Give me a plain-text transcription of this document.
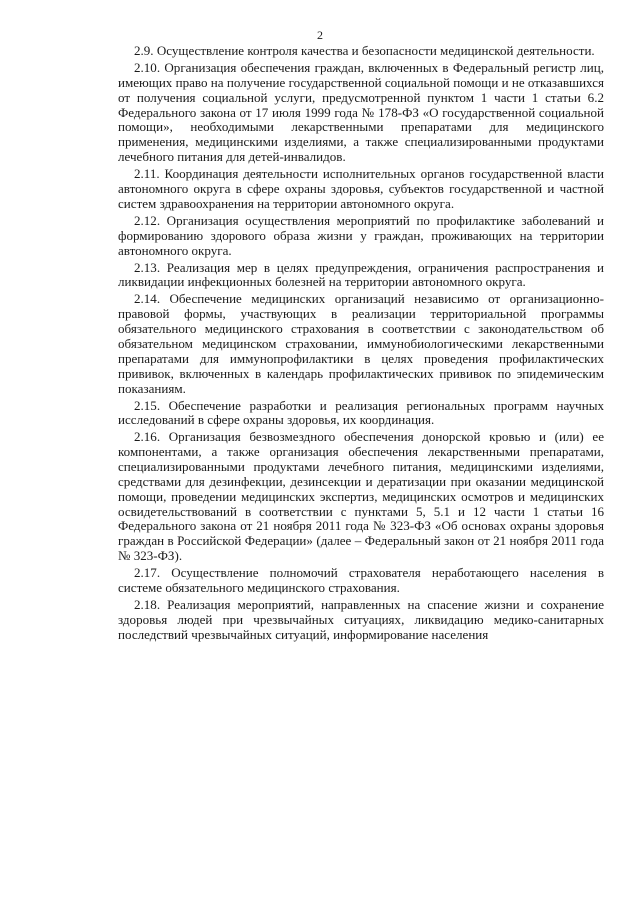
2

2.9. Осуществление контроля качества и безопасности медицинской деятельности.

2.10. Организация обеспечения граждан, включенных в Федеральный регистр лиц, имеющих право на получение государственной социальной помощи и не отказавшихся от получения социальной услуги, предусмотренной пунктом 1 части 1 статьи 6.2 Федерального закона от 17 июля 1999 года № 178-ФЗ «О государственной социальной помощи», необходимыми лекарственными препаратами для медицинского применения, медицинскими изделиями, а также специализированными продуктами лечебного питания для детей-инвалидов.

2.11. Координация деятельности исполнительных органов государственной власти автономного округа в сфере охраны здоровья, субъектов государственной и частной систем здравоохранения на территории автономного округа.

2.12. Организация осуществления мероприятий по профилактике заболеваний и формированию здорового образа жизни у граждан, проживающих на территории автономного округа.

2.13. Реализация мер в целях предупреждения, ограничения распространения и ликвидации инфекционных болезней на территории автономного округа.

2.14. Обеспечение медицинских организаций независимо от организационно-правовой формы, участвующих в реализации территориальной программы обязательного медицинского страхования в соответствии с законодательством об обязательном медицинском страховании, иммунобиологическими лекарственными препаратами для иммунопрофилактики в целях проведения профилактических прививок, включенных в календарь профилактических прививок по эпидемическим показаниям.

2.15. Обеспечение разработки и реализация региональных программ научных исследований в сфере охраны здоровья, их координация.

2.16. Организация безвозмездного обеспечения донорской кровью и (или) ее компонентами, а также организация обеспечения лекарственными препаратами, специализированными продуктами лечебного питания, медицинскими изделиями, средствами для дезинфекции, дезинсекции и дератизации при оказании медицинской помощи, проведении медицинских экспертиз, медицинских осмотров и медицинских освидетельствований в соответствии с пунктами 5, 5.1 и 12 части 1 статьи 16 Федерального закона от 21 ноября 2011 года № 323-ФЗ «Об основах охраны здоровья граждан в Российской Федерации» (далее – Федеральный закон от 21 ноября 2011 года № 323-ФЗ).

2.17. Осуществление полномочий страхователя неработающего населения в системе обязательного медицинского страхования.

2.18. Реализация мероприятий, направленных на спасение жизни и сохранение здоровья людей при чрезвычайных ситуациях, ликвидацию медико-санитарных последствий чрезвычайных ситуаций, информирование населения
